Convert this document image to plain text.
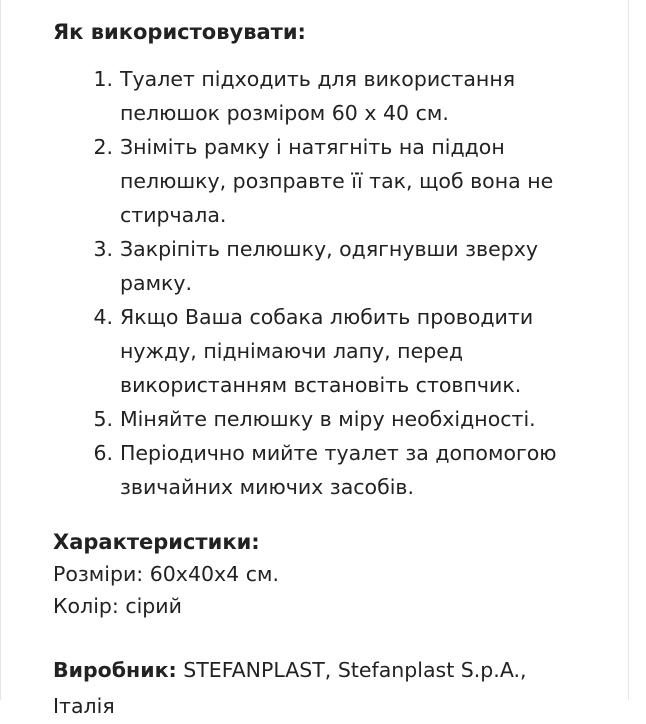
Як використовувати:
1. Туалет підходить для використання пелюшок розміром 60 х 40 см.
2. Зніміть рамку і натягніть на піддон пелюшку, розправте її так, щоб вона не стирчала.
3. Закріпіть пелюшку, одягнувши зверху рамку.
4. Якщо Ваша собака любить проводити нужду, піднімаючи лапу, перед використанням встановіть стовпчик.
5. Міняйте пелюшку в міру необхідності.
6. Періодично мийте туалет за допомогою звичайних миючих засобів.
Характеристики:

Розміри: 60х40х4 см.

Колір: сірий

Виробник: STEFANPLAST, Stefanplast S.p.A., Італія
